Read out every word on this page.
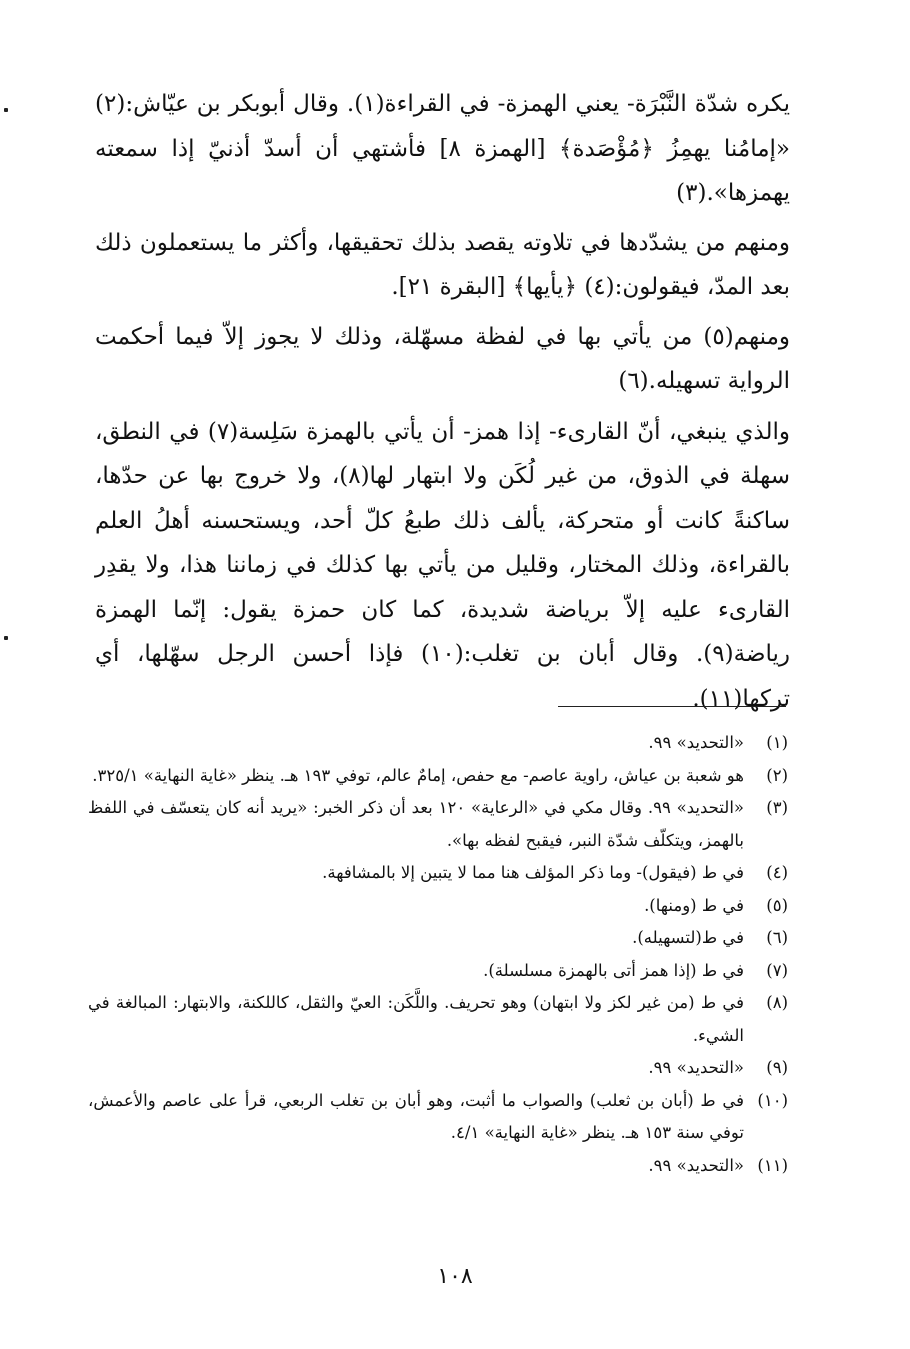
يكره شدّة النَّبْرَة- يعني الهمزة- في القراءة(١). وقال أبوبكر بن عيّاش:(٢) «إمامُنا يهمِزُ ﴿مُؤْصَدة﴾ [الهمزة ٨] فأشتهي أن أسدّ أذنيّ إذا سمعته يهمزها».(٣)

ومنهم من يشدّدها في تلاوته يقصد بذلك تحقيقها، وأكثر ما يستعملون ذلك بعد المدّ، فيقولون:(٤) ﴿يأيها﴾ [البقرة ٢١].

ومنهم(٥) من يأتي بها في لفظة مسهّلة، وذلك لا يجوز إلاّ فيما أحكمت الرواية تسهيله.(٦)

والذي ينبغي، أنّ القارىء- إذا همز- أن يأتي بالهمزة سَلِسة(٧) في النطق، سهلة في الذوق، من غير لُكَن ولا ابتهار لها(٨)، ولا خروج بها عن حدّها، ساكنةً كانت أو متحركة، يألف ذلك طبعُ كلّ أحد، ويستحسنه أهلُ العلم بالقراءة، وذلك المختار، وقليل من يأتي بها كذلك في زماننا هذا، ولا يقدِر القارىء عليه إلاّ برياضة شديدة، كما كان حمزة يقول: إنّما الهمزة رياضة(٩). وقال أبان بن تغلب:(١٠) فإذا أحسن الرجل سهّلها، أي تركها(١١).

(١)
«التحديد» ٩٩.
(٢)
هو شعبة بن عياش، راوية عاصم- مع حفص، إمامٌ عالم، توفي ١٩٣ هـ. ينظر «غاية النهاية» ٣٢٥/١.
(٣)
«التحديد» ٩٩. وقال مكي في «الرعاية» ١٢٠ بعد أن ذكر الخبر: «يريد أنه كان يتعسّف في اللفظ بالهمز، ويتكلّف شدّة النبر، فيقبح لفظه بها».
(٤)
في ط (فيقول)- وما ذكر المؤلف هنا مما لا يتبين إلا بالمشافهة.
(٥)
في ط (ومنها).
(٦)
في ط(لتسهيله).
(٧)
في ط (إذا همز أتى بالهمزة مسلسلة).
(٨)
في ط (من غير لكز ولا ابتهان) وهو تحريف. واللَّكَن: العيّ والثقل، كاللكنة، والابتهار: المبالغة في الشيء.
(٩)
«التحديد» ٩٩.
(١٠)
في ط (أبان بن ثعلب) والصواب ما أثبت، وهو أبان بن تغلب الربعي، قرأ على عاصم والأعمش، توفي سنة ١٥٣ هـ. ينظر «غاية النهاية» ٤/١.
(١١)
«التحديد» ٩٩.
١٠٨
